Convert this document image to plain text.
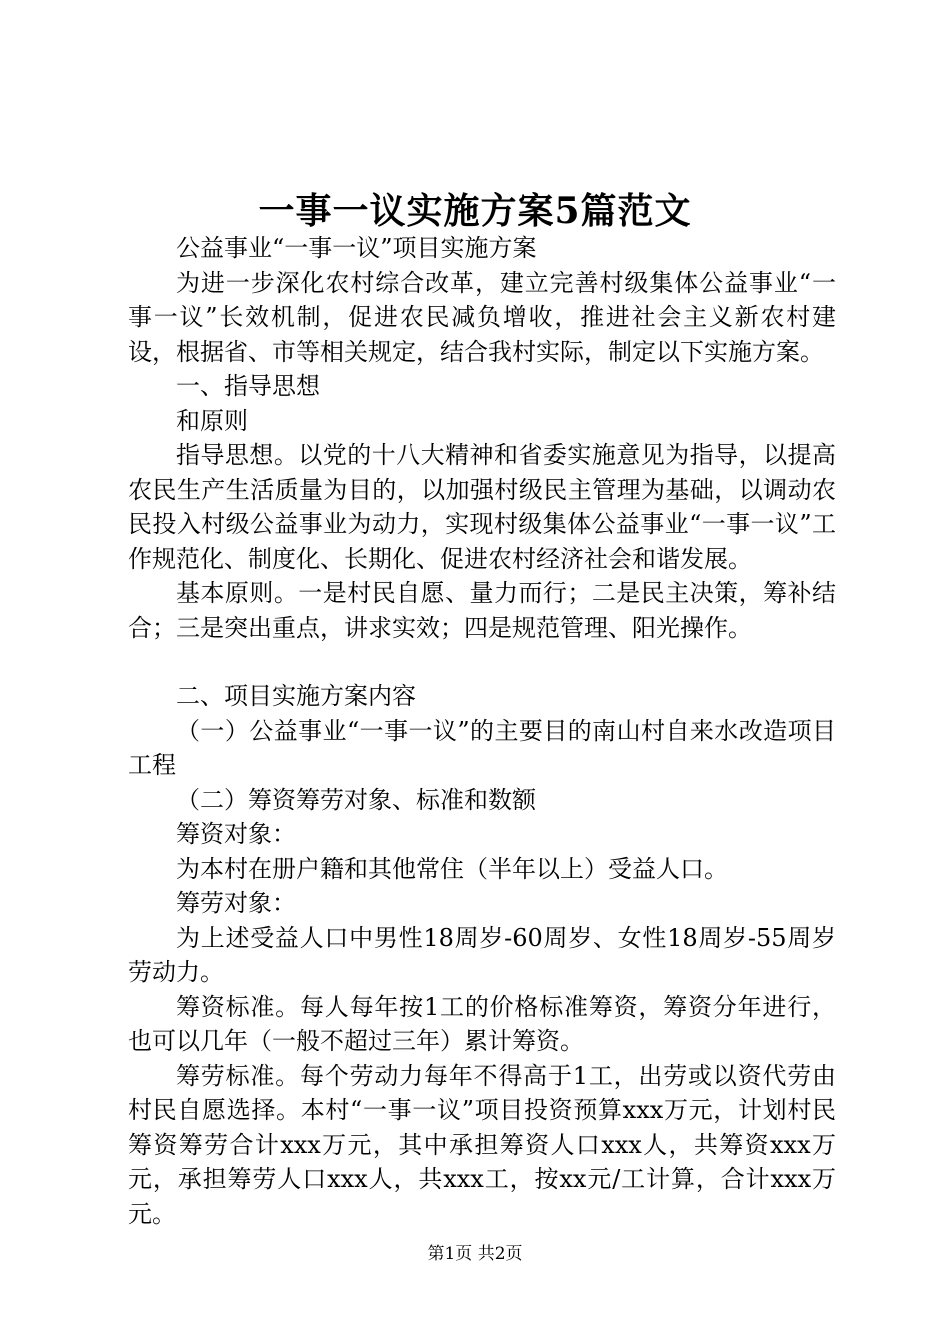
一事一议实施方案5篇范文

公益事业“一事一议”项目实施方案

为进一步深化农村综合改革，建立完善村级集体公益事业“一事一议”长效机制，促进农民减负增收，推进社会主义新农村建设，根据省、市等相关规定，结合我村实际，制定以下实施方案。

一、指导思想

和原则

指导思想。以党的十八大精神和省委实施意见为指导，以提高农民生产生活质量为目的，以加强村级民主管理为基础，以调动农民投入村级公益事业为动力，实现村级集体公益事业“一事一议”工作规范化、制度化、长期化、促进农村经济社会和谐发展。

基本原则。一是村民自愿、量力而行；二是民主决策，筹补结合；三是突出重点，讲求实效；四是规范管理、阳光操作。

二、项目实施方案内容

（一）公益事业“一事一议”的主要目的南山村自来水改造项目工程

（二）筹资筹劳对象、标准和数额

筹资对象：

为本村在册户籍和其他常住（半年以上）受益人口。

筹劳对象：

为上述受益人口中男性18周岁-60周岁、女性18周岁-55周岁劳动力。

筹资标准。每人每年按1工的价格标准筹资，筹资分年进行，也可以几年（一般不超过三年）累计筹资。

筹劳标准。每个劳动力每年不得高于1工，出劳或以资代劳由村民自愿选择。本村“一事一议”项目投资预算xxx万元，计划村民筹资筹劳合计xxx万元，其中承担筹资人口xxx人，共筹资xxx万元，承担筹劳人口xxx人，共xxx工，按xx元/工计算，合计xxx万元。

第1页 共2页
